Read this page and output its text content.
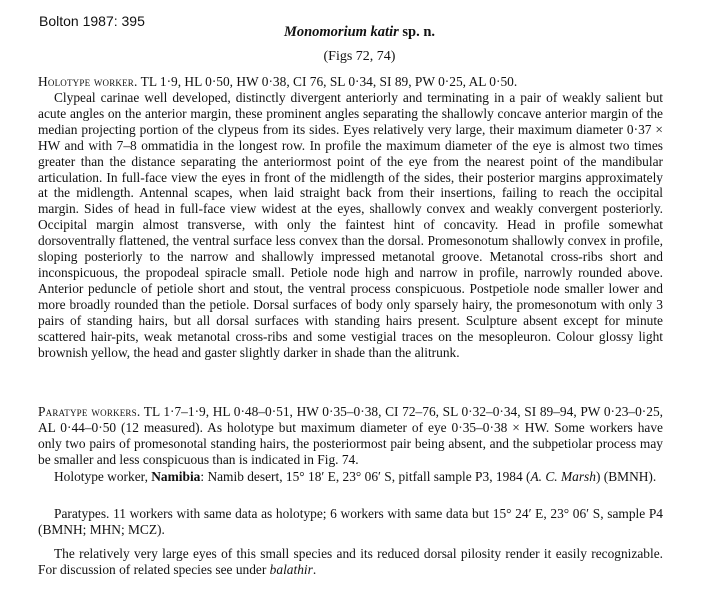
Bolton 1987: 395
Monomorium katir sp. n.
(Figs 72, 74)

Holotype worker. TL 1·9, HL 0·50, HW 0·38, CI 76, SL 0·34, SI 89, PW 0·25, AL 0·50.

Clypeal carinae well developed, distinctly divergent anteriorly and terminating in a pair of weakly salient but acute angles on the anterior margin, these prominent angles separating the shallowly concave anterior margin of the median projecting portion of the clypeus from its sides. Eyes relatively very large, their maximum diameter 0·37 × HW and with 7–8 ommatidia in the longest row. In profile the maximum diameter of the eye is almost two times greater than the distance separating the anteriormost point of the eye from the nearest point of the mandibular articulation. In full-face view the eyes in front of the midlength of the sides, their posterior margins approximately at the midlength. Antennal scapes, when laid straight back from their insertions, failing to reach the occipital margin. Sides of head in full-face view widest at the eyes, shallowly convex and weakly convergent posteriorly. Occipital margin almost transverse, with only the faintest hint of concavity. Head in profile somewhat dorsoventrally flattened, the ventral surface less convex than the dorsal. Promesonotum shallowly convex in profile, sloping posteriorly to the narrow and shallowly impressed metanotal groove. Metanotal cross-ribs short and inconspicuous, the propodeal spiracle small. Petiole node high and narrow in profile, narrowly rounded above. Anterior peduncle of petiole short and stout, the ventral process conspicuous. Postpetiole node smaller lower and more broadly rounded than the petiole. Dorsal surfaces of body only sparsely hairy, the promesonotum with only 3 pairs of standing hairs, but all dorsal surfaces with standing hairs present. Sculpture absent except for minute scattered hair-pits, weak metanotal cross-ribs and some vestigial traces on the mesopleuron. Colour glossy light brownish yellow, the head and gaster slightly darker in shade than the alitrunk.

Paratype workers. TL 1·7–1·9, HL 0·48–0·51, HW 0·35–0·38, CI 72–76, SL 0·32–0·34, SI 89–94, PW 0·23–0·25, AL 0·44–0·50 (12 measured). As holotype but maximum diameter of eye 0·35–0·38 × HW. Some workers have only two pairs of promesonotal standing hairs, the posteriormost pair being absent, and the subpetiolar process may be smaller and less conspicuous than is indicated in Fig. 74.

Holotype worker, Namibia: Namib desert, 15° 18′ E, 23° 06′ S, pitfall sample P3, 1984 (A. C. Marsh) (BMNH).

Paratypes. 11 workers with same data as holotype; 6 workers with same data but 15° 24′ E, 23° 06′ S, sample P4 (BMNH; MHN; MCZ).

The relatively very large eyes of this small species and its reduced dorsal pilosity render it easily recognizable. For discussion of related species see under balathir.
